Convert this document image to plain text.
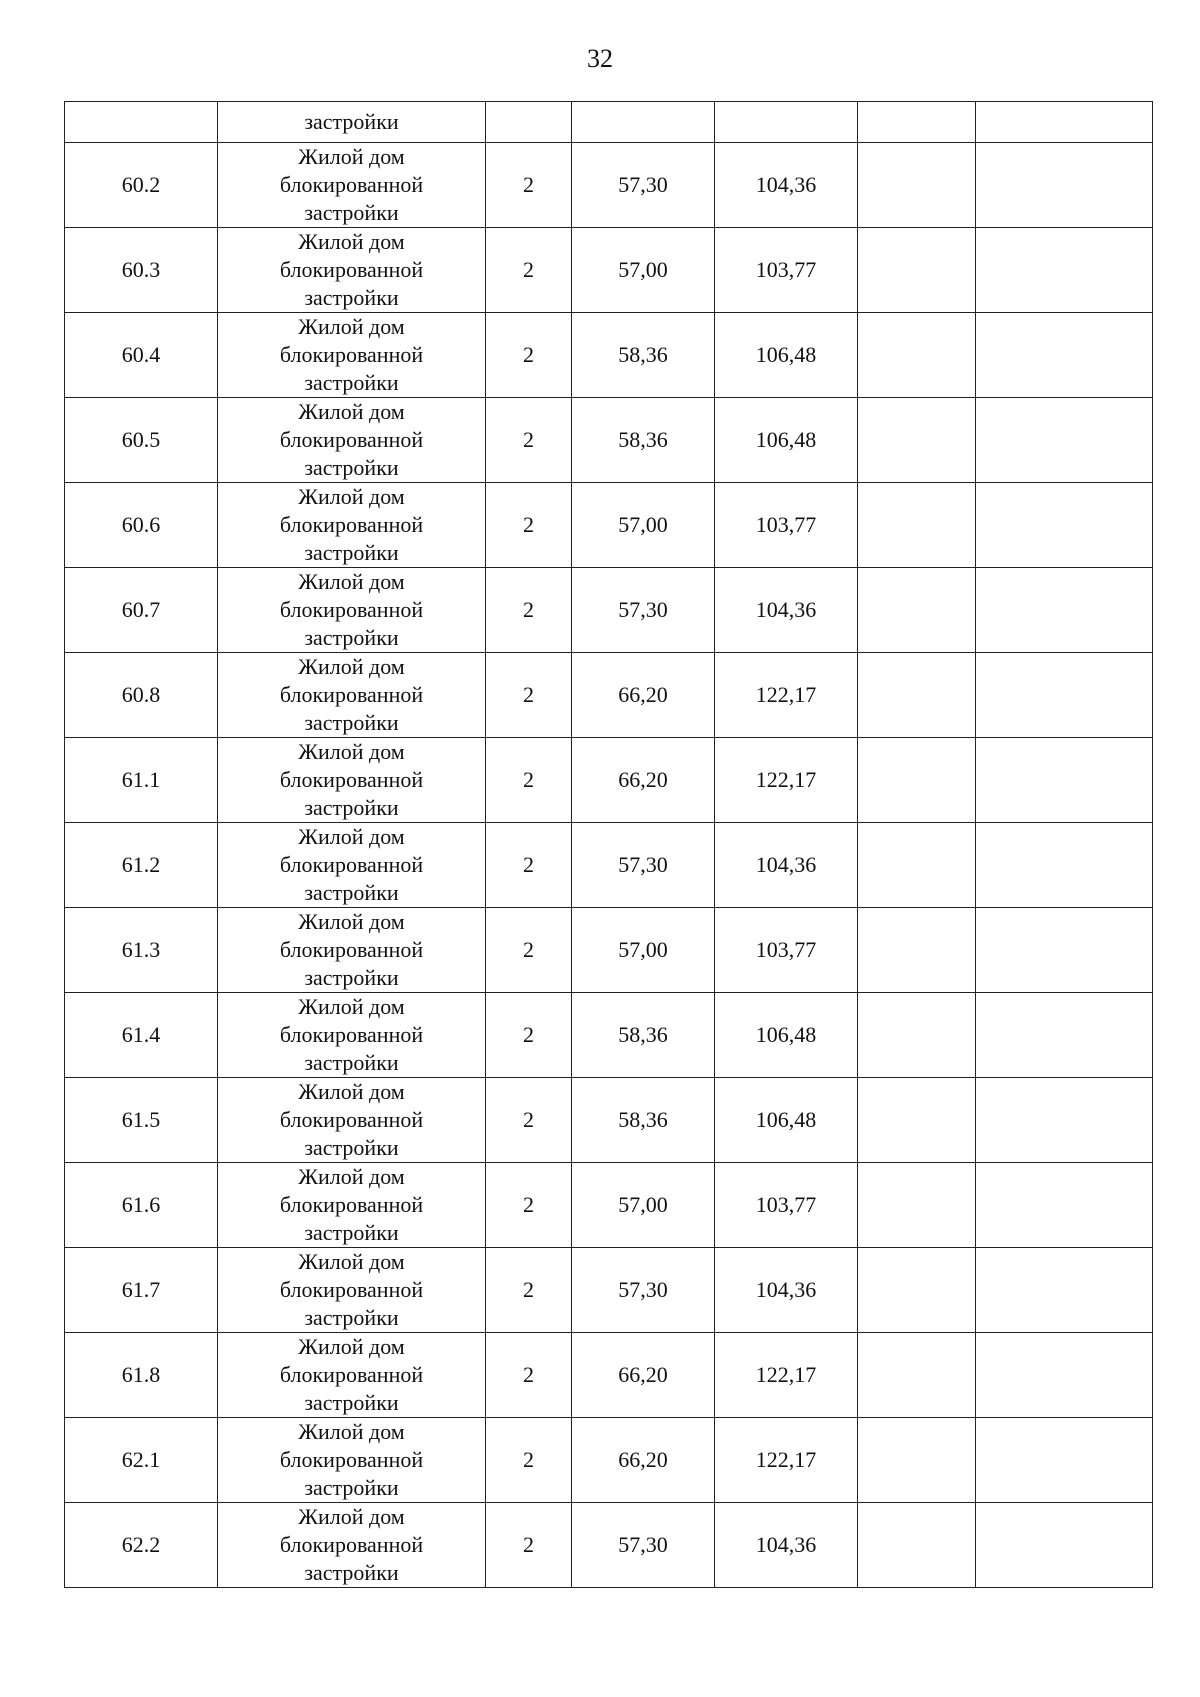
32
	застройки					
60.2	Жилой дом
блокированной
застройки	2	57,30	104,36		
60.3	Жилой дом
блокированной
застройки	2	57,00	103,77		
60.4	Жилой дом
блокированной
застройки	2	58,36	106,48		
60.5	Жилой дом
блокированной
застройки	2	58,36	106,48		
60.6	Жилой дом
блокированной
застройки	2	57,00	103,77		
60.7	Жилой дом
блокированной
застройки	2	57,30	104,36		
60.8	Жилой дом
блокированной
застройки	2	66,20	122,17		
61.1	Жилой дом
блокированной
застройки	2	66,20	122,17		
61.2	Жилой дом
блокированной
застройки	2	57,30	104,36		
61.3	Жилой дом
блокированной
застройки	2	57,00	103,77		
61.4	Жилой дом
блокированной
застройки	2	58,36	106,48		
61.5	Жилой дом
блокированной
застройки	2	58,36	106,48		
61.6	Жилой дом
блокированной
застройки	2	57,00	103,77		
61.7	Жилой дом
блокированной
застройки	2	57,30	104,36		
61.8	Жилой дом
блокированной
застройки	2	66,20	122,17		
62.1	Жилой дом
блокированной
застройки	2	66,20	122,17		
62.2	Жилой дом
блокированной
застройки	2	57,30	104,36		
